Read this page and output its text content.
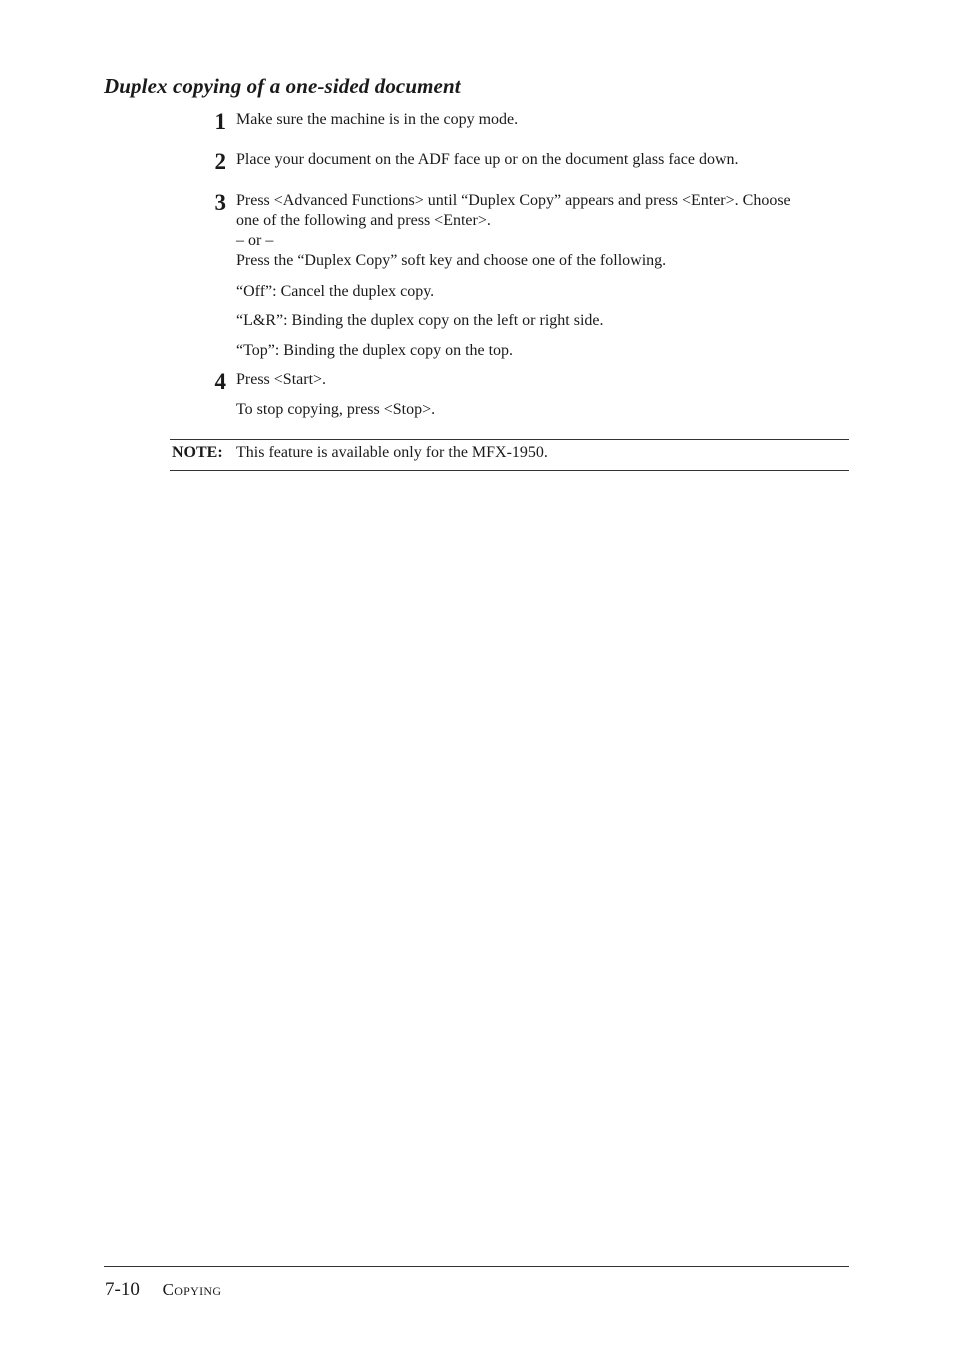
Duplex copying of a one-sided document
1 Make sure the machine is in the copy mode.
2 Place your document on the ADF face up or on the document glass face down.
3 Press <Advanced Functions> until “Duplex Copy” appears and press <Enter>. Choose
one of the following and press <Enter>.
– or –
Press the “Duplex Copy” soft key and choose one of the following.
“Off”: Cancel the duplex copy.
“L&R”: Binding the duplex copy on the left or right side.
“Top”: Binding the duplex copy on the top.
4 Press <Start>.
To stop copying, press <Stop>.
NOTE: This feature is available only for the MFX-1950.
7-10 Copying
